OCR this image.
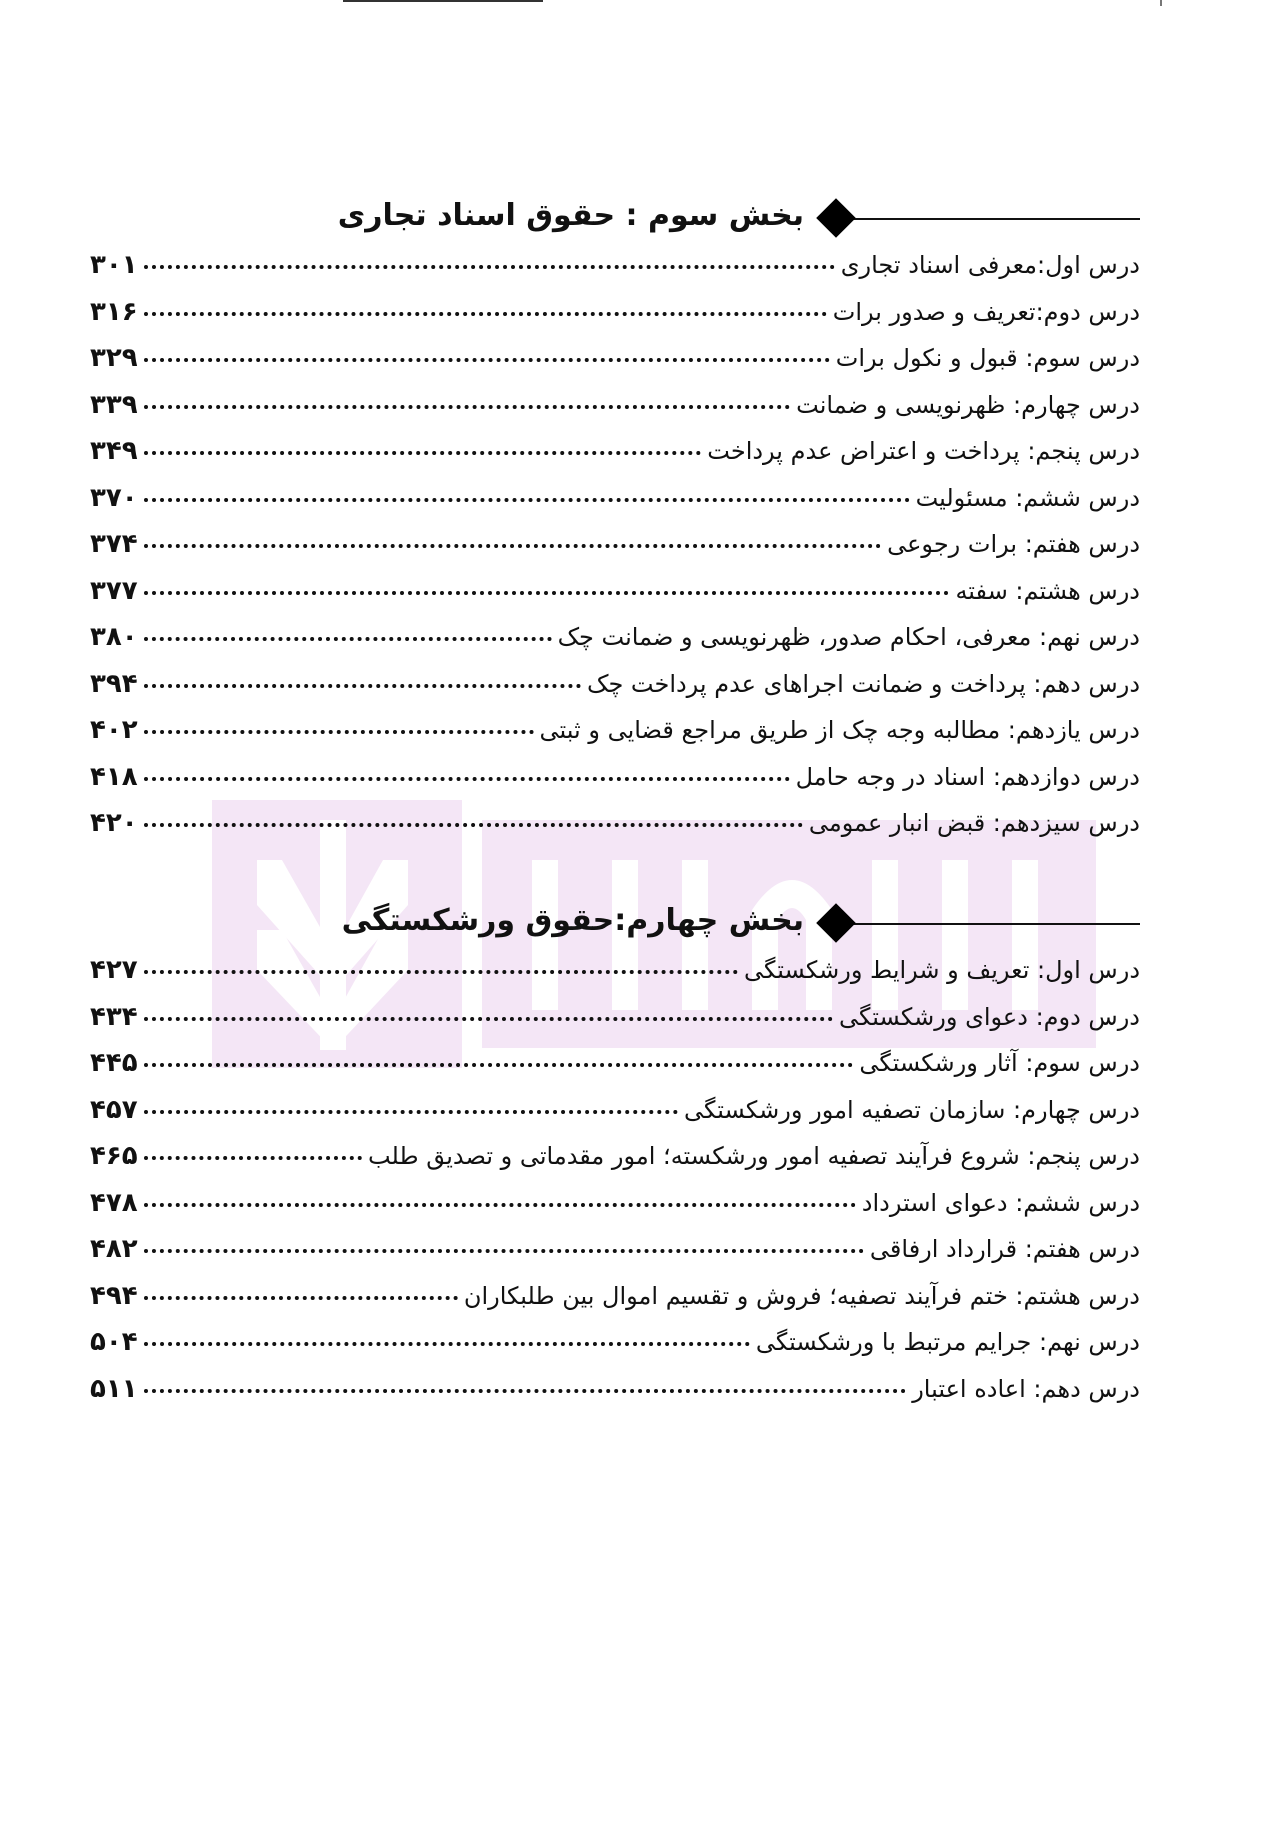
بخش سوم : حقوق اسناد تجاری
درس اول:معرفی اسناد تجاری
۳۰۱
درس دوم:تعریف و صدور برات
۳۱۶
درس سوم: قبول و نکول برات
۳۲۹
درس چهارم: ظهرنویسی و ضمانت
۳۳۹
درس پنجم: پرداخت و اعتراض عدم پرداخت
۳۴۹
درس ششم: مسئولیت
۳۷۰
درس هفتم: برات رجوعی
۳۷۴
درس هشتم: سفته
۳۷۷
درس نهم: معرفی، احکام صدور، ظهرنویسی و ضمانت چک
۳۸۰
درس دهم: پرداخت و ضمانت اجراهای عدم پرداخت چک
۳۹۴
درس یازدهم: مطالبه وجه چک از طریق مراجع قضایی و ثبتی
۴۰۲
درس دوازدهم: اسناد در وجه حامل
۴۱۸
درس سیزدهم: قبض انبار عمومی
۴۲۰
بخش چهارم:حقوق ورشکستگی
درس اول: تعریف و شرایط ورشکستگی
۴۲۷
درس دوم: دعوای ورشکستگی
۴۳۴
درس سوم: آثار ورشکستگی
۴۴۵
درس چهارم: سازمان تصفیه امور ورشکستگی
۴۵۷
درس پنجم: شروع فرآیند تصفیه امور ورشکسته؛ امور مقدماتی و تصدیق طلب
۴۶۵
درس ششم: دعوای استرداد
۴۷۸
درس هفتم: قرارداد ارفاقی
۴۸۲
درس هشتم: ختم فرآیند تصفیه؛ فروش و تقسیم اموال بین طلبکاران
۴۹۴
درس نهم: جرایم مرتبط با ورشکستگی
۵۰۴
درس دهم: اعاده اعتبار
۵۱۱
